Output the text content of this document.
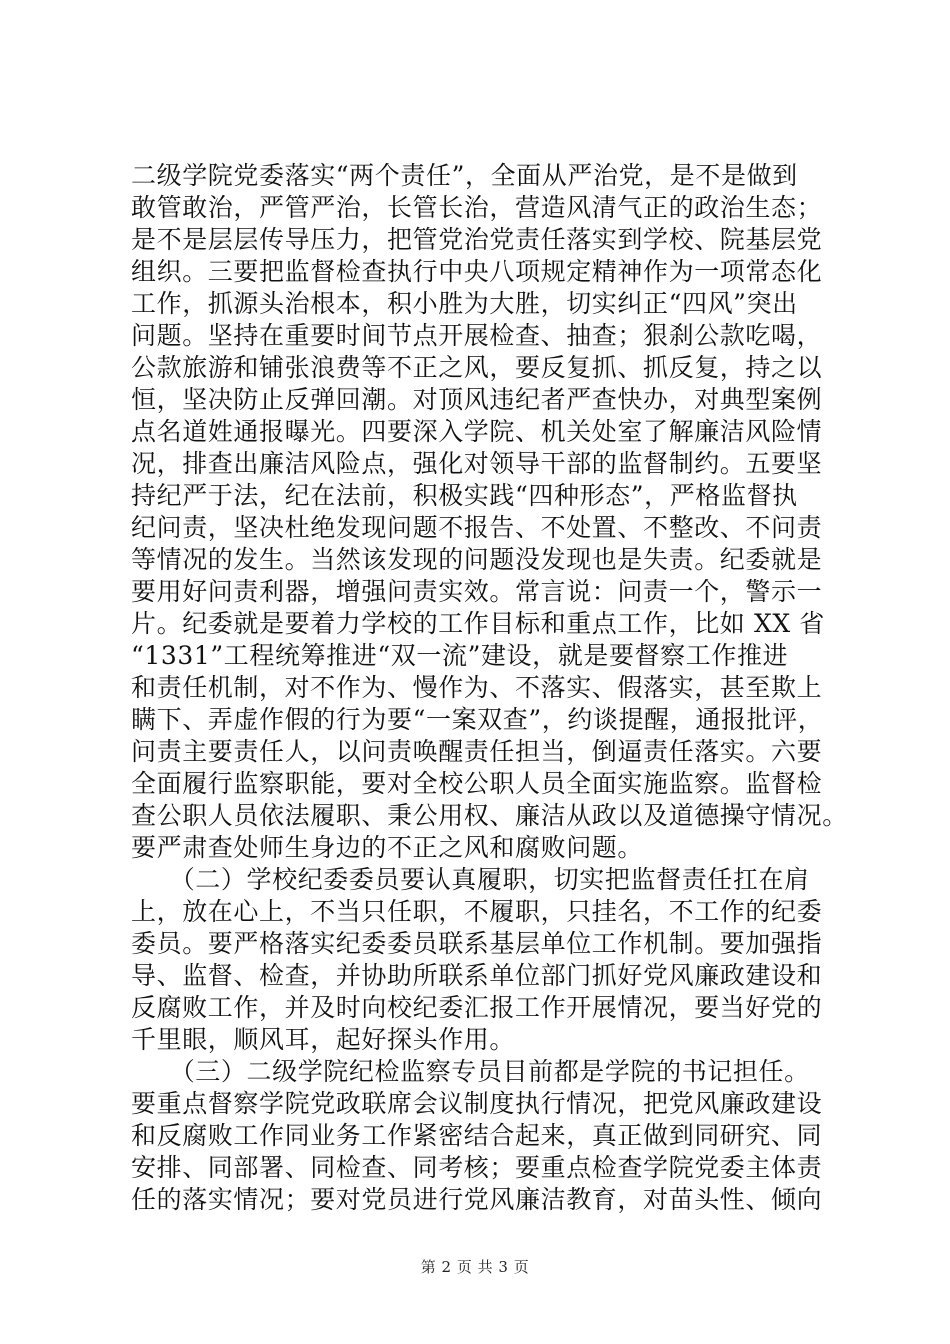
二级学院党委落实“两个责任”，全面从严治党，是不是做到
敢管敢治，严管严治，长管长治，营造风清气正的政治生态；
是不是层层传导压力，把管党治党责任落实到学校、院基层党
组织。三要把监督检查执行中央八项规定精神作为一项常态化
工作，抓源头治根本，积小胜为大胜，切实纠正“四风”突出
问题。坚持在重要时间节点开展检查、抽查；狠刹公款吃喝，
公款旅游和铺张浪费等不正之风，要反复抓、抓反复，持之以
恒，坚决防止反弹回潮。对顶风违纪者严查快办，对典型案例
点名道姓通报曝光。四要深入学院、机关处室了解廉洁风险情
况，排查出廉洁风险点，强化对领导干部的监督制约。五要坚
持纪严于法，纪在法前，积极实践“四种形态”，严格监督执
纪问责，坚决杜绝发现问题不报告、不处置、不整改、不问责
等情况的发生。当然该发现的问题没发现也是失责。纪委就是
要用好问责利器，增强问责实效。常言说：问责一个，警示一
片。纪委就是要着力学校的工作目标和重点工作，比如 XX 省
“1331”工程统筹推进“双一流”建设，就是要督察工作推进
和责任机制，对不作为、慢作为、不落实、假落实，甚至欺上
瞒下、弄虚作假的行为要“一案双查”，约谈提醒，通报批评，
问责主要责任人，以问责唤醒责任担当，倒逼责任落实。六要
全面履行监察职能，要对全校公职人员全面实施监察。监督检
查公职人员依法履职、秉公用权、廉洁从政以及道德操守情况。
要严肃查处师生身边的不正之风和腐败问题。
　　（二）学校纪委委员要认真履职，切实把监督责任扛在肩
上，放在心上，不当只任职，不履职，只挂名，不工作的纪委
委员。要严格落实纪委委员联系基层单位工作机制。要加强指
导、监督、检查，并协助所联系单位部门抓好党风廉政建设和
反腐败工作，并及时向校纪委汇报工作开展情况，要当好党的
千里眼，顺风耳，起好探头作用。
　　（三）二级学院纪检监察专员目前都是学院的书记担任。
要重点督察学院党政联席会议制度执行情况，把党风廉政建设
和反腐败工作同业务工作紧密结合起来，真正做到同研究、同
安排、同部署、同检查、同考核；要重点检查学院党委主体责
任的落实情况；要对党员进行党风廉洁教育，对苗头性、倾向
第 2 页 共 3 页
